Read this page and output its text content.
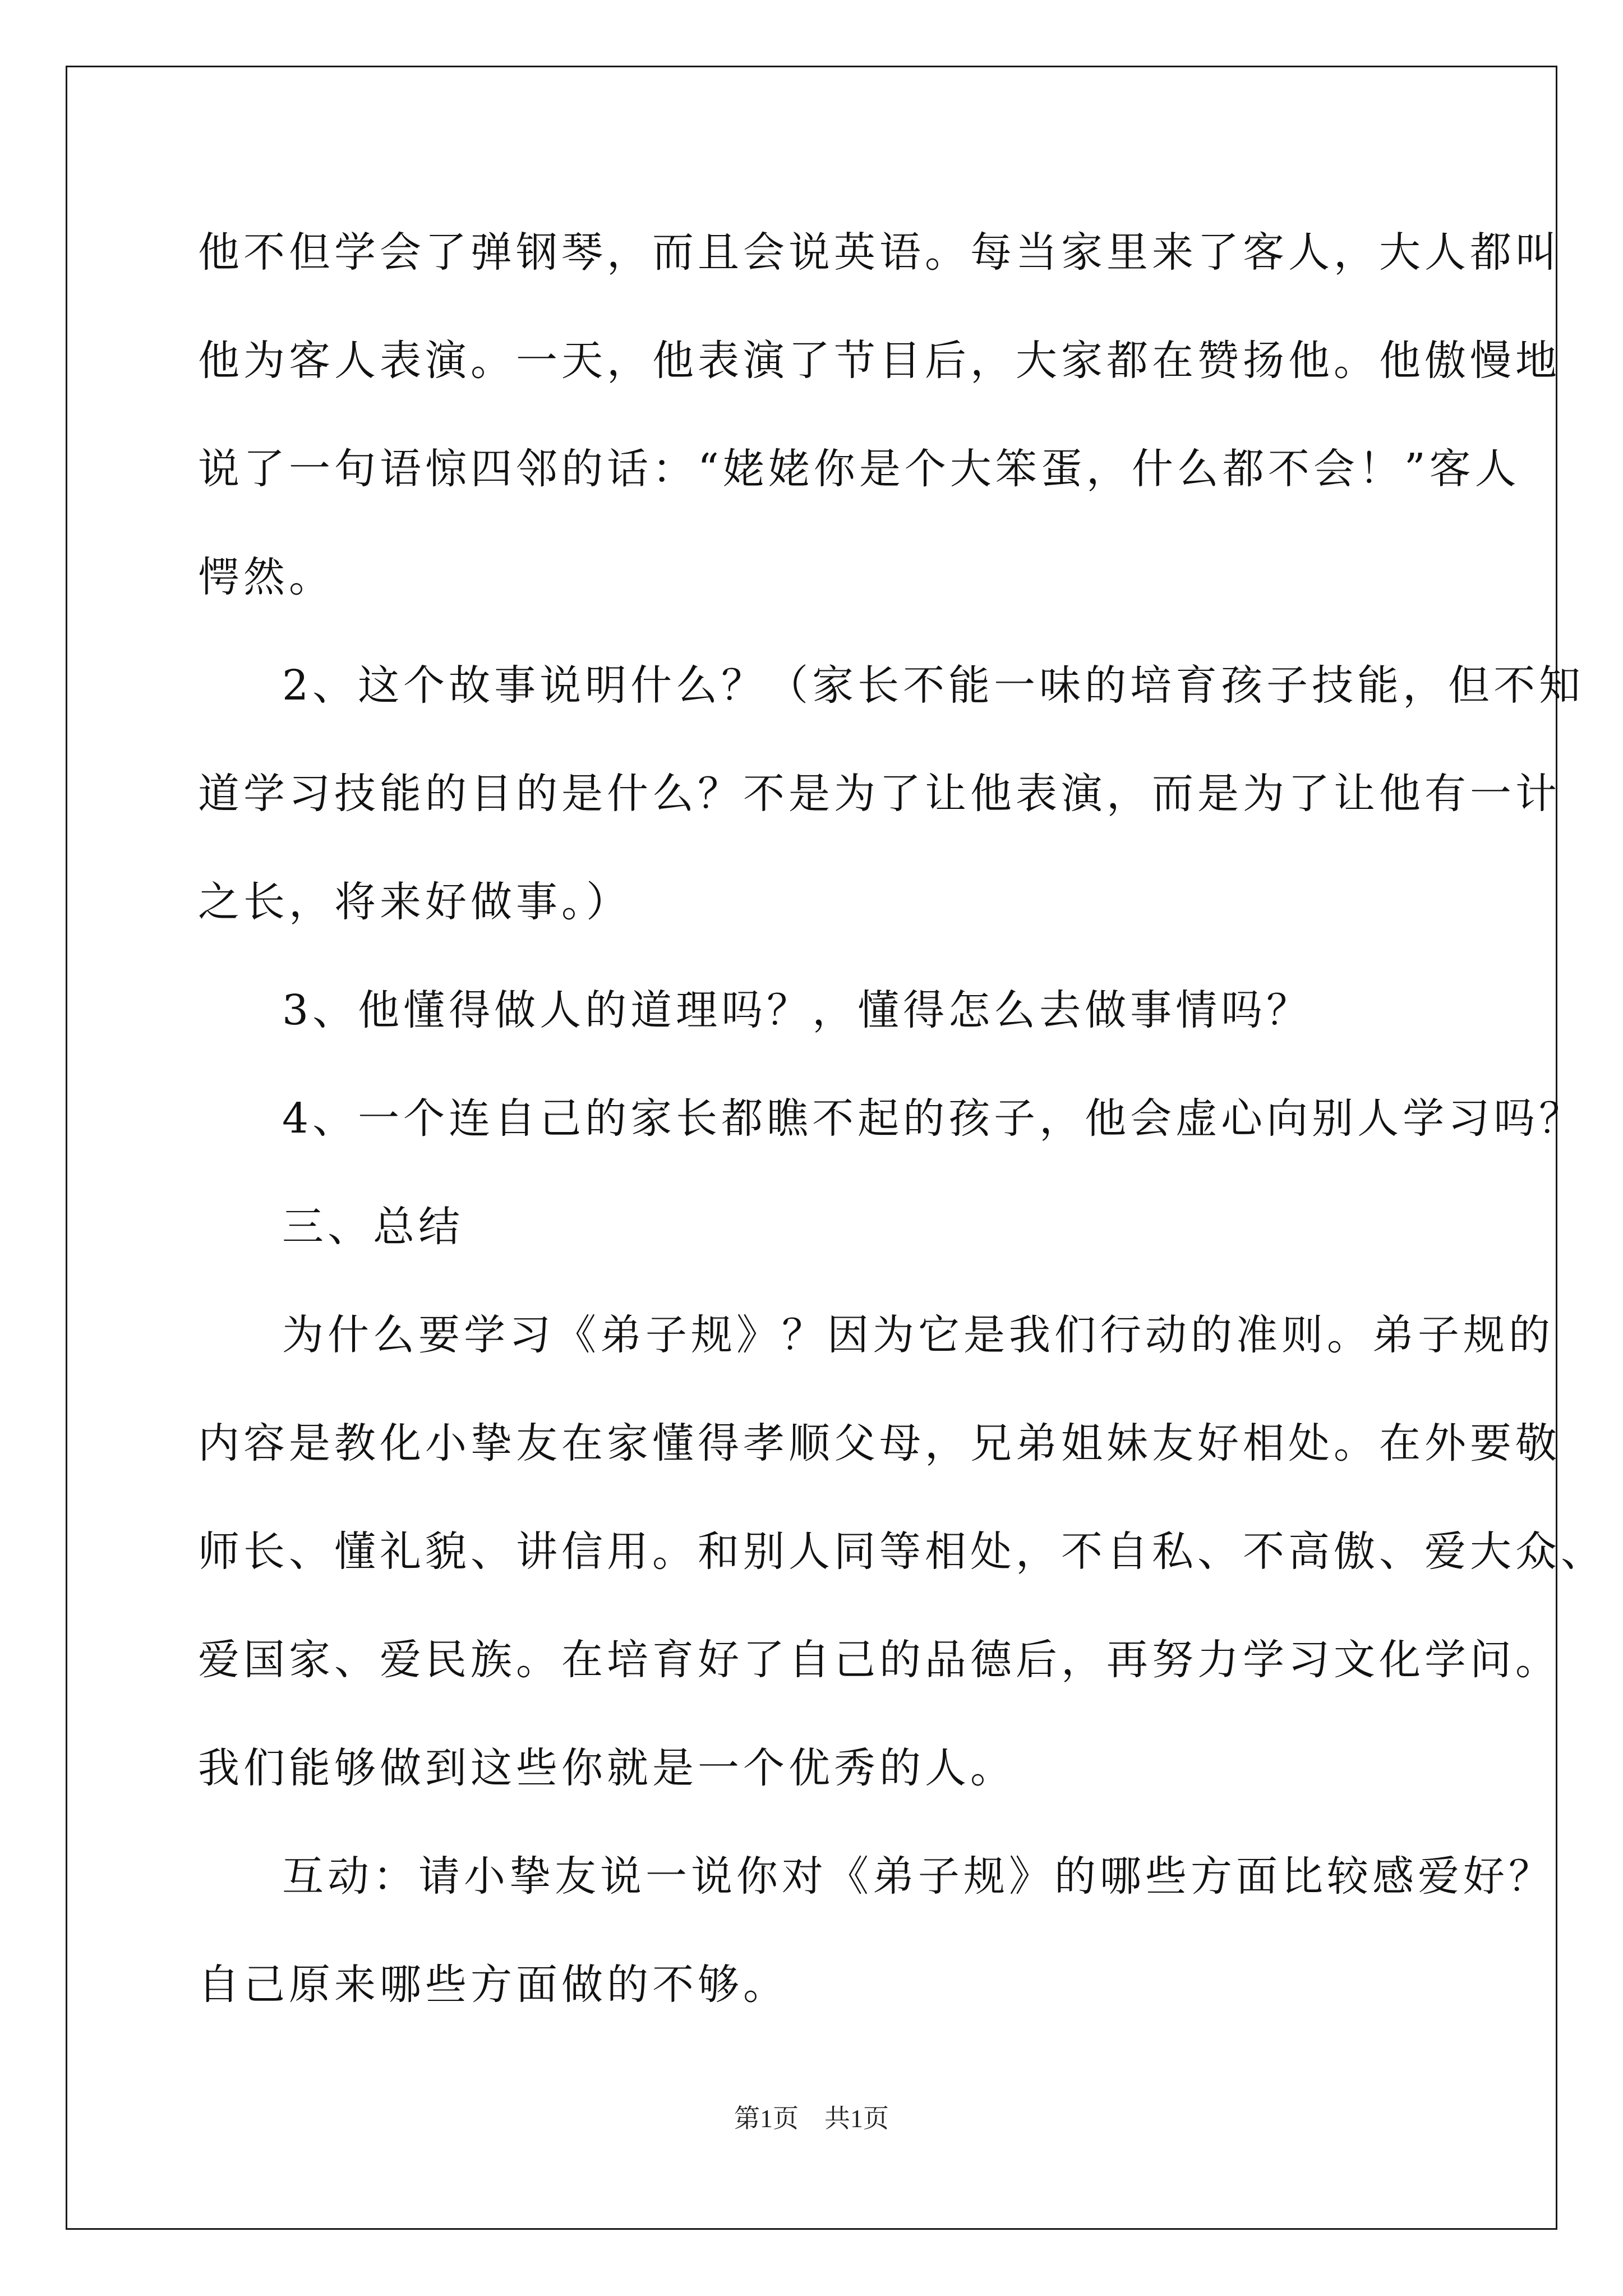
他不但学会了弹钢琴，而且会说英语。每当家里来了客人，大人都叫
他为客人表演。一天，他表演了节目后，大家都在赞扬他。他傲慢地
说了一句语惊四邻的话：“姥姥你是个大笨蛋，什么都不会！”客人
愕然。
2、这个故事说明什么？（家长不能一味的培育孩子技能，但不知
道学习技能的目的是什么？不是为了让他表演，而是为了让他有一计
之长，将来好做事。）
3、他懂得做人的道理吗？，懂得怎么去做事情吗？
4、一个连自己的家长都瞧不起的孩子，他会虚心向别人学习吗？
三、总结
为什么要学习《弟子规》？因为它是我们行动的准则。弟子规的
内容是教化小挚友在家懂得孝顺父母，兄弟姐妹友好相处。在外要敬
师长、懂礼貌、讲信用。和别人同等相处，不自私、不高傲、爱大众、
爱国家、爱民族。在培育好了自己的品德后，再努力学习文化学问。
我们能够做到这些你就是一个优秀的人。
互动：请小挚友说一说你对《弟子规》的哪些方面比较感爱好？
自己原来哪些方面做的不够。
第1页　共1页
